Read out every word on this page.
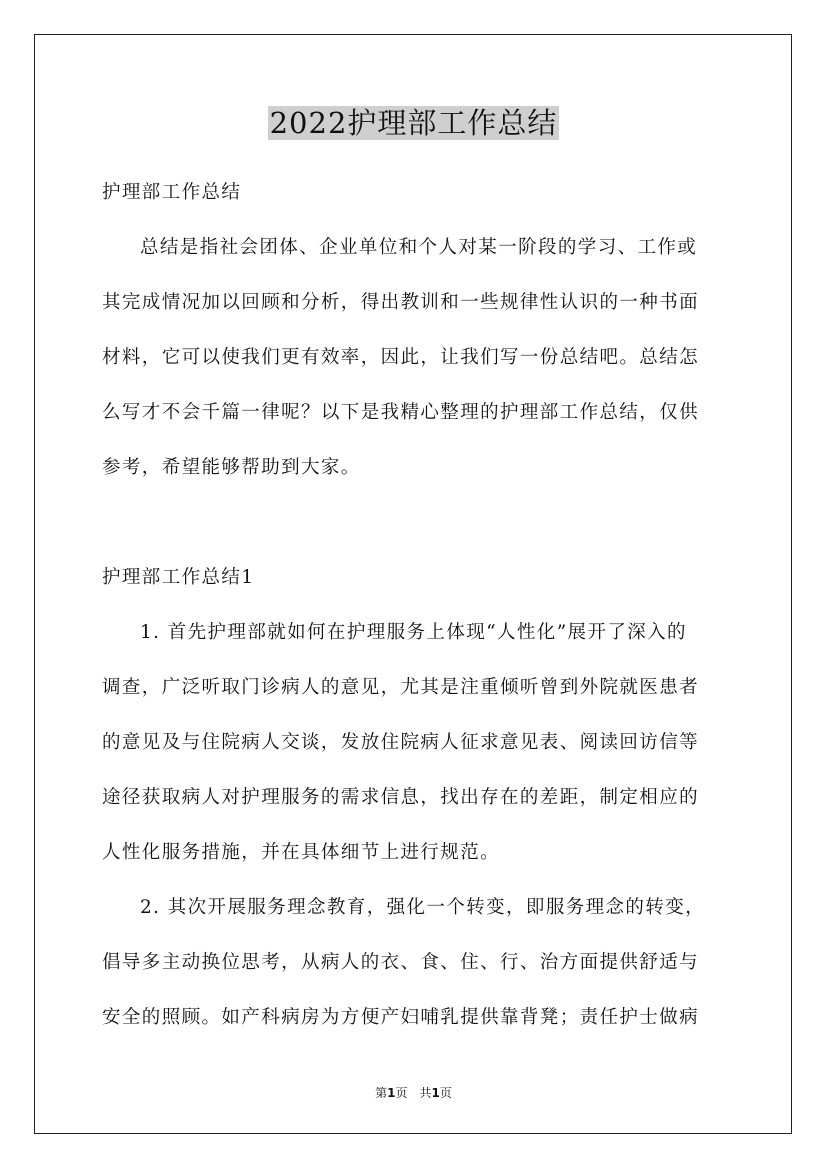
2022护理部工作总结
护理部工作总结
总结是指社会团体、企业单位和个人对某一阶段的学习、工作或
其完成情况加以回顾和分析，得出教训和一些规律性认识的一种书面
材料，它可以使我们更有效率，因此，让我们写一份总结吧。总结怎
么写才不会千篇一律呢？以下是我精心整理的护理部工作总结，仅供
参考，希望能够帮助到大家。
护理部工作总结1
1. 首先护理部就如何在护理服务上体现“人性化”展开了深入的
调查，广泛听取门诊病人的意见，尤其是注重倾听曾到外院就医患者
的意见及与住院病人交谈，发放住院病人征求意见表、阅读回访信等
途径获取病人对护理服务的需求信息，找出存在的差距，制定相应的
人性化服务措施，并在具体细节上进行规范。
2. 其次开展服务理念教育，强化一个转变，即服务理念的转变，
倡导多主动换位思考，从病人的衣、食、住、行、治方面提供舒适与
安全的照顾。如产科病房为方便产妇哺乳提供靠背凳；责任护士做病
第1页　共1页
